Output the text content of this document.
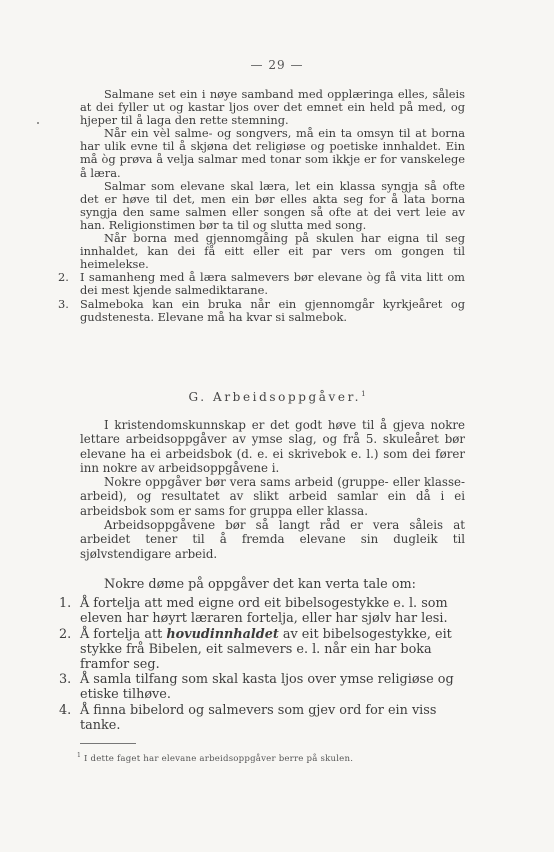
— 29 —

Salmane set ein i nøye samband med opplæringa elles, såleis at dei fyller ut og kastar ljos over det emnet ein held på med, og hjeper til å laga den rette stemning.

Når ein vèl salme- og songvers, må ein ta omsyn til at borna har ulik evne til å skjøna det religiøse og poetiske innhaldet. Ein må òg prøva å velja salmar med tonar som ikkje er for vanskelege å læra.

Salmar som elevane skal læra, let ein klassa syngja så ofte det er høve til det, men ein bør elles akta seg for å lata borna syngja den same salmen eller songen så ofte at dei vert leie av han. Religionstimen bør ta til og slutta med song.

Når borna med gjennomgåing på skulen har eigna til seg innhaldet, kan dei få eitt eller eit par vers om gongen til heimelekse.

2. I samanheng med å læra salmevers bør elevane òg få vita litt om dei mest kjende salmediktarane.

3. Salmeboka kan ein bruka når ein gjennomgår kyrkjeåret og gudstenesta. Elevane må ha kvar si salmebok.

G. Arbeidsoppgåver.$^1$

I kristendomskunnskap er det godt høve til å gjeva nokre lettare arbeidsoppgåver av ymse slag, og frå 5. skuleåret bør elevane ha ei arbeidsbok (d. e. ei skrivebok e. l.) som dei fører inn nokre av arbeidsoppgåvene i.

Nokre oppgåver bør vera sams arbeid (gruppe- eller klasse-arbeid), og resultatet av slikt arbeid samlar ein då i ei arbeidsbok som er sams for gruppa eller klassa.

Arbeidsoppgåvene bør så langt råd er vera såleis at arbeidet tener til å fremda elevane sin dugleik til sjølvstendigare arbeid.

Nokre døme på oppgåver det kan verta tale om:

1. Å fortelja att med eigne ord eit bibelsogestykke e. l. som eleven har høyrt læraren fortelja, eller har sjølv har lesi.

2. Å fortelja att hovudinnhaldet av eit bibelsogestykke, eit stykke frå Bibelen, eit salmevers e. l. når ein har boka framfor seg.

3. Å samla tilfang som skal kasta ljos over ymse religiøse og etiske tilhøve.

4. Å finna bibelord og salmevers som gjev ord for ein viss tanke.

$^1$ I dette faget har elevane arbeidsoppgåver berre på skulen.
